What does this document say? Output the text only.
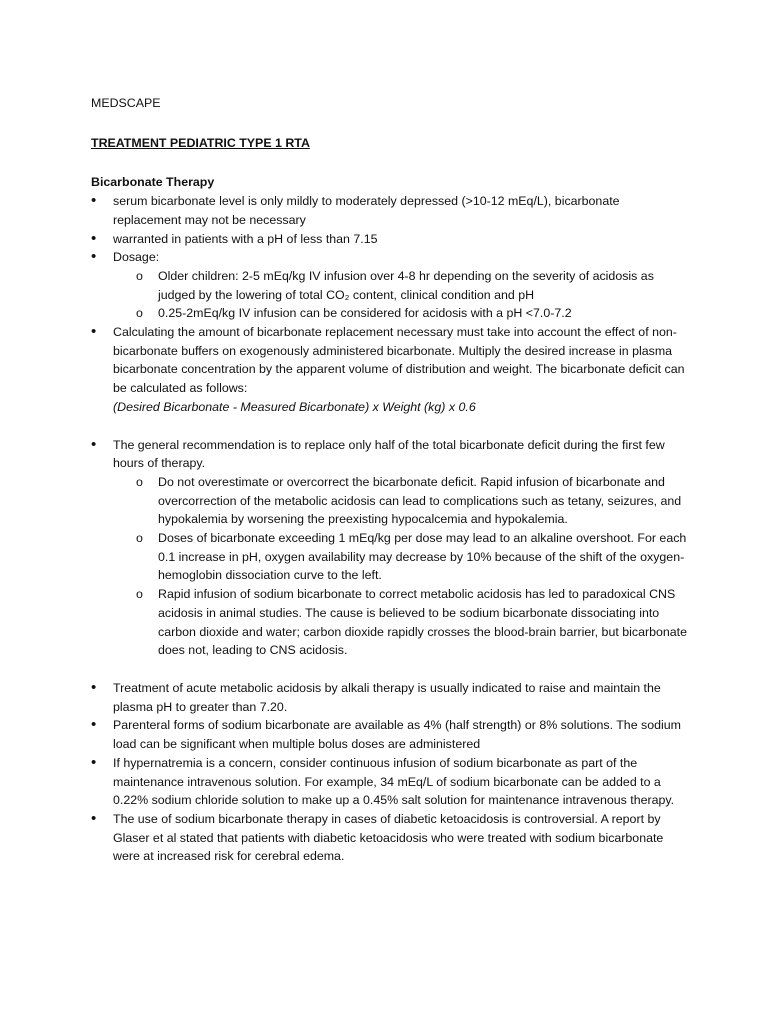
MEDSCAPE

TREATMENT PEDIATRIC TYPE 1 RTA

Bicarbonate Therapy

• serum bicarbonate level is only mildly to moderately depressed (>10-12 mEq/L), bicarbonate replacement may not be necessary
• warranted in patients with a pH of less than 7.15
• Dosage:
o Older children: 2-5 mEq/kg IV infusion over 4-8 hr depending on the severity of acidosis as judged by the lowering of total CO₂ content, clinical condition and pH
o 0.25-2mEq/kg IV infusion can be considered for acidosis with a pH <7.0-7.2
• Calculating the amount of bicarbonate replacement necessary must take into account the effect of non-bicarbonate buffers on exogenously administered bicarbonate. Multiply the desired increase in plasma bicarbonate concentration by the apparent volume of distribution and weight. The bicarbonate deficit can be calculated as follows:
(Desired Bicarbonate - Measured Bicarbonate) x Weight (kg) x 0.6
• The general recommendation is to replace only half of the total bicarbonate deficit during the first few hours of therapy.
o Do not overestimate or overcorrect the bicarbonate deficit. Rapid infusion of bicarbonate and overcorrection of the metabolic acidosis can lead to complications such as tetany, seizures, and hypokalemia by worsening the preexisting hypocalcemia and hypokalemia.
o Doses of bicarbonate exceeding 1 mEq/kg per dose may lead to an alkaline overshoot. For each 0.1 increase in pH, oxygen availability may decrease by 10% because of the shift of the oxygen-hemoglobin dissociation curve to the left.
o Rapid infusion of sodium bicarbonate to correct metabolic acidosis has led to paradoxical CNS acidosis in animal studies. The cause is believed to be sodium bicarbonate dissociating into carbon dioxide and water; carbon dioxide rapidly crosses the blood-brain barrier, but bicarbonate does not, leading to CNS acidosis.
• Treatment of acute metabolic acidosis by alkali therapy is usually indicated to raise and maintain the plasma pH to greater than 7.20.
• Parenteral forms of sodium bicarbonate are available as 4% (half strength) or 8% solutions. The sodium load can be significant when multiple bolus doses are administered
• If hypernatremia is a concern, consider continuous infusion of sodium bicarbonate as part of the maintenance intravenous solution. For example, 34 mEq/L of sodium bicarbonate can be added to a 0.22% sodium chloride solution to make up a 0.45% salt solution for maintenance intravenous therapy.
• The use of sodium bicarbonate therapy in cases of diabetic ketoacidosis is controversial. A report by Glaser et al stated that patients with diabetic ketoacidosis who were treated with sodium bicarbonate were at increased risk for cerebral edema.
